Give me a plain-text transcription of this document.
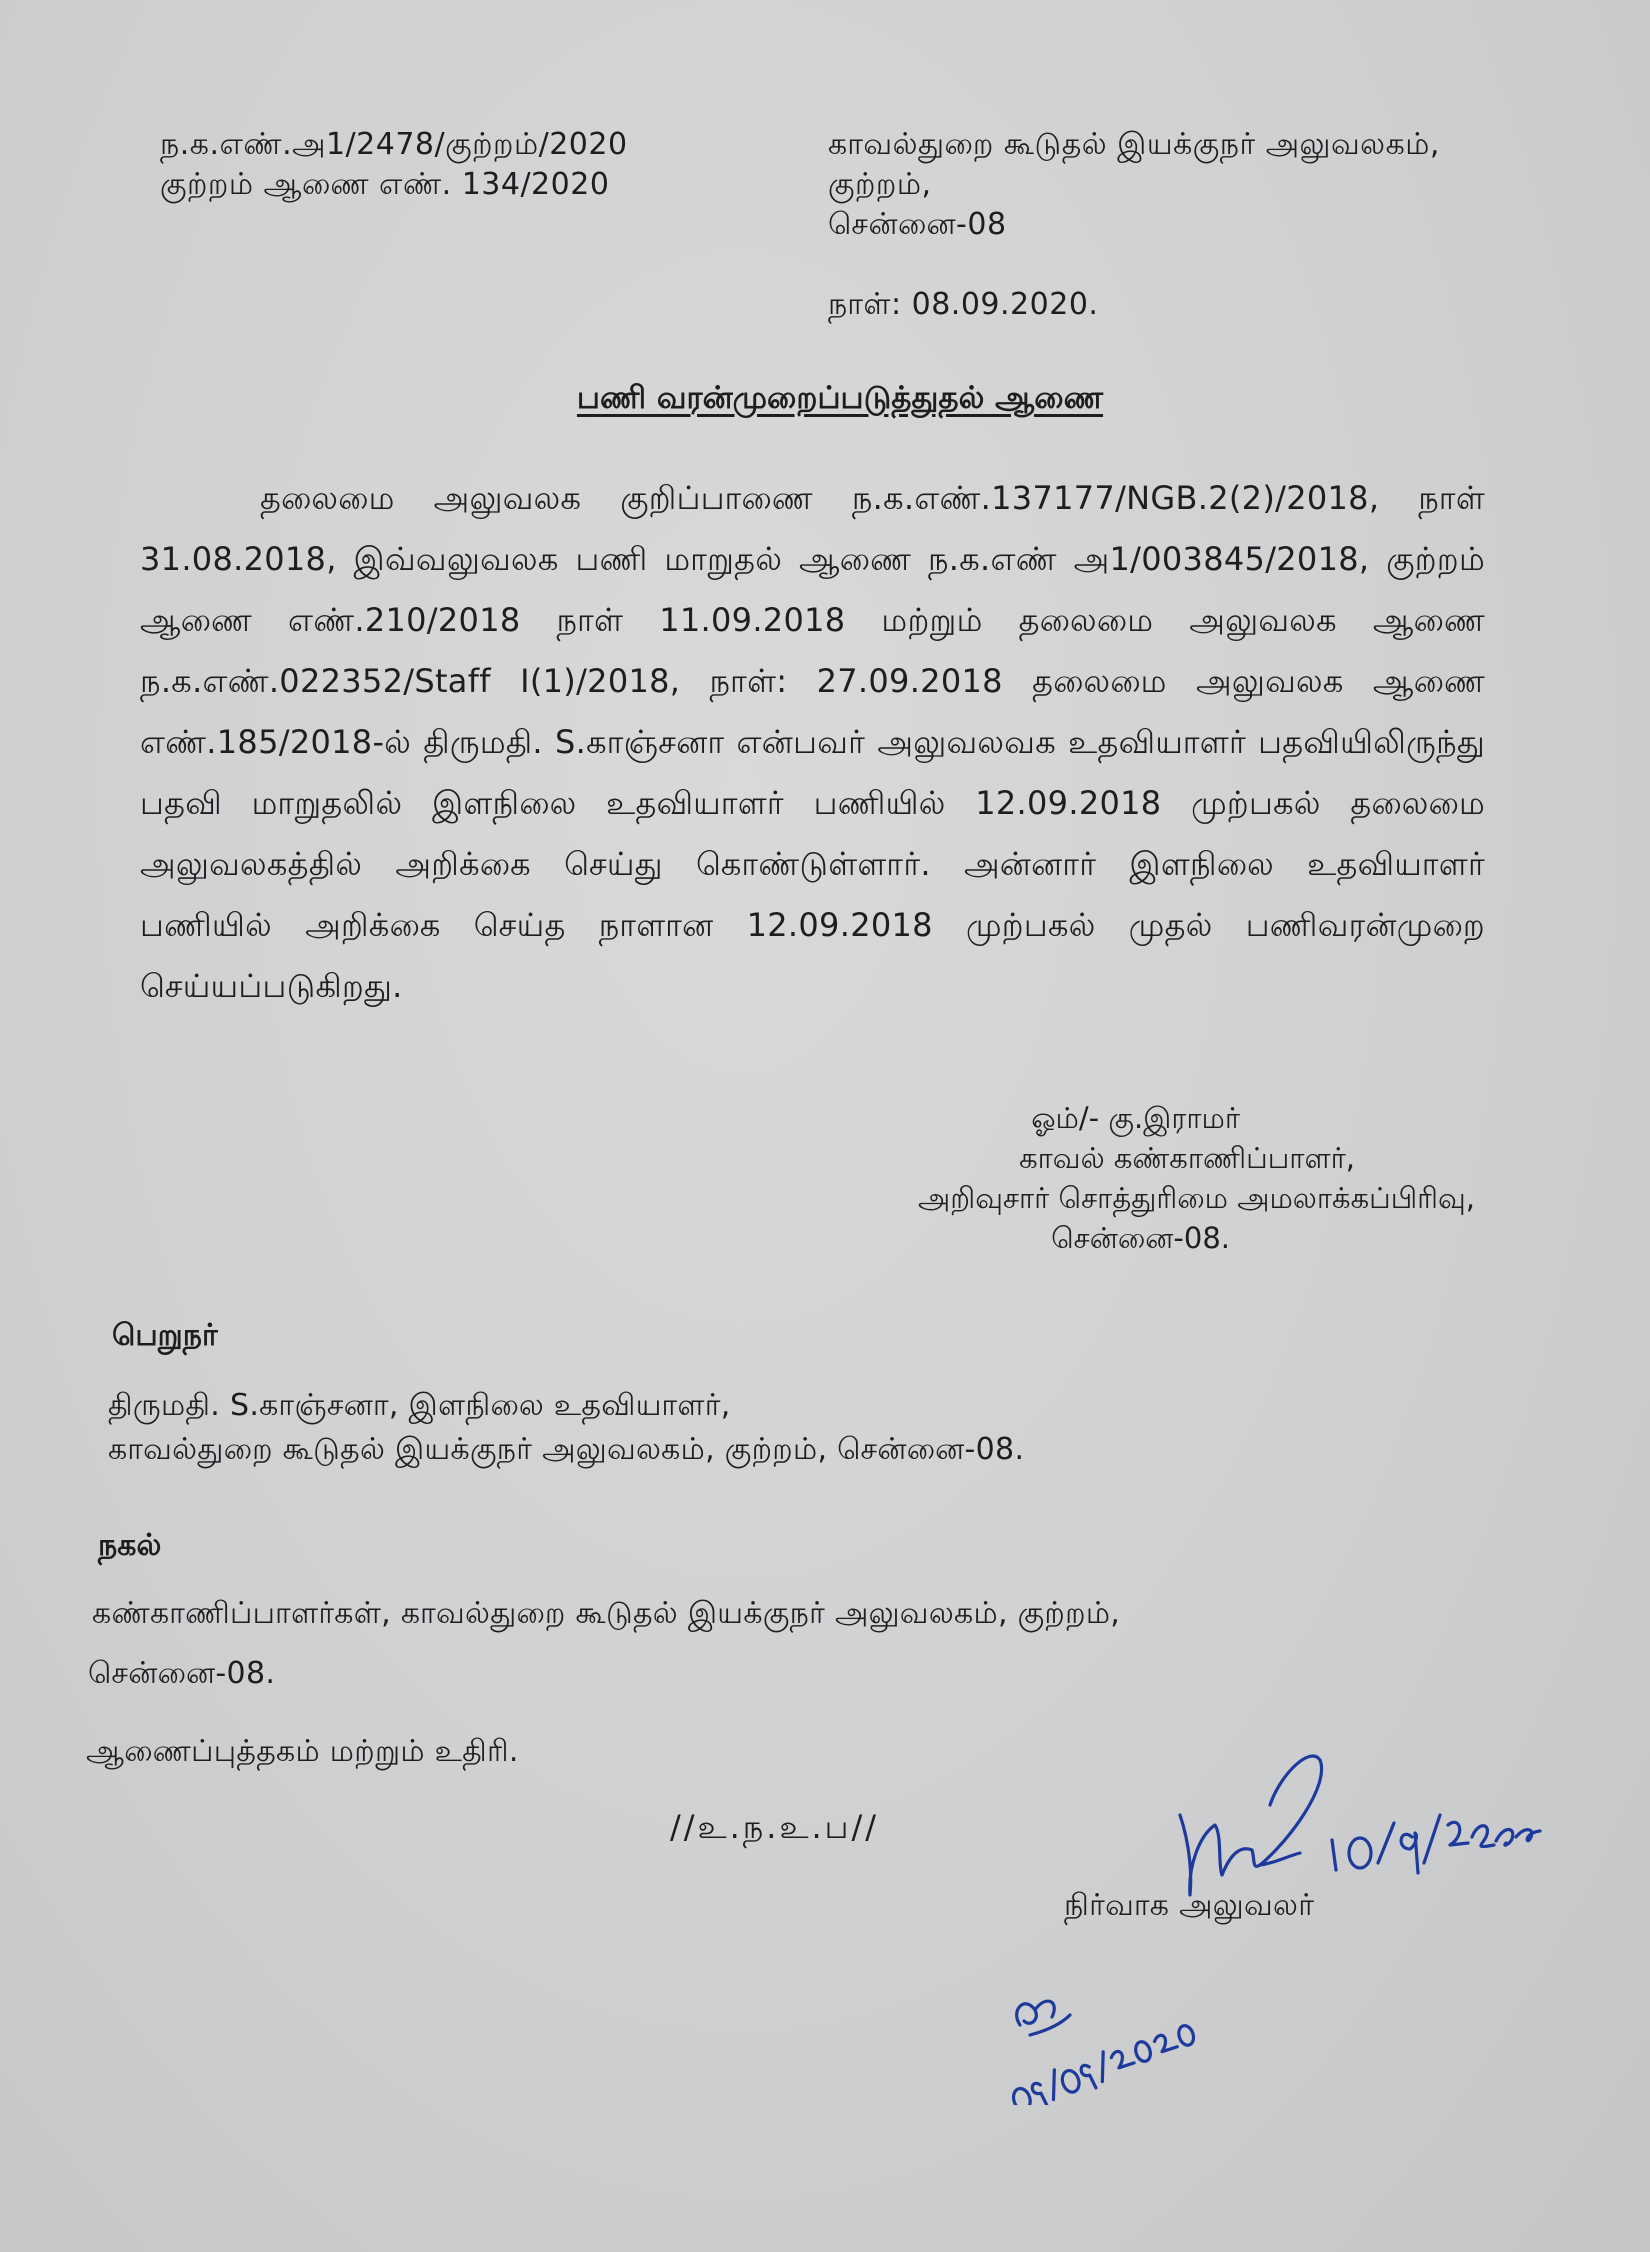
ந.க.எண்.அ1/2478/குற்றம்/2020
குற்றம் ஆணை எண். 134/2020
காவல்துறை கூடுதல் இயக்குநர் அலுவலகம்,
குற்றம்,
சென்னை-08
நாள்: 08.09.2020.
பணி வரன்முறைப்படுத்துதல் ஆணை
தலைமை அலுவலக குறிப்பாணை ந.க.எண்.137177/NGB.2(2)/2018, நாள் 31.08.2018, இவ்வலுவலக பணி மாறுதல் ஆணை ந.க.எண் அ1/003845/2018, குற்றம் ஆணை எண்.210/2018 நாள் 11.09.2018 மற்றும் தலைமை அலுவலக ஆணை ந.க.எண்.022352/Staff I(1)/2018, நாள்: 27.09.2018 தலைமை அலுவலக ஆணை எண்.185/2018-ல் திருமதி. S.காஞ்சனா என்பவர் அலுவலவக உதவியாளர் பதவியிலிருந்து பதவி மாறுதலில் இளநிலை உதவியாளர் பணியில் 12.09.2018 முற்பகல் தலைமை அலுவலகத்தில் அறிக்கை செய்து கொண்டுள்ளார். அன்னார் இளநிலை உதவியாளர் பணியில் அறிக்கை செய்த நாளான 12.09.2018 முற்பகல் முதல் பணிவரன்முறை செய்யப்படுகிறது.
ஓம்/- கு.இராமர்
காவல் கண்காணிப்பாளர்,
அறிவுசார் சொத்துரிமை அமலாக்கப்பிரிவு,
சென்னை-08.
பெறுநர்
திருமதி. S.காஞ்சனா, இளநிலை உதவியாளர்,
காவல்துறை கூடுதல் இயக்குநர் அலுவலகம், குற்றம், சென்னை-08.
நகல்
கண்காணிப்பாளர்கள், காவல்துறை கூடுதல் இயக்குநர் அலுவலகம், குற்றம்,
சென்னை-08.
ஆணைப்புத்தகம் மற்றும் உதிரி.
//உ.ந.உ.ப//
நிர்வாக அலுவலர்
